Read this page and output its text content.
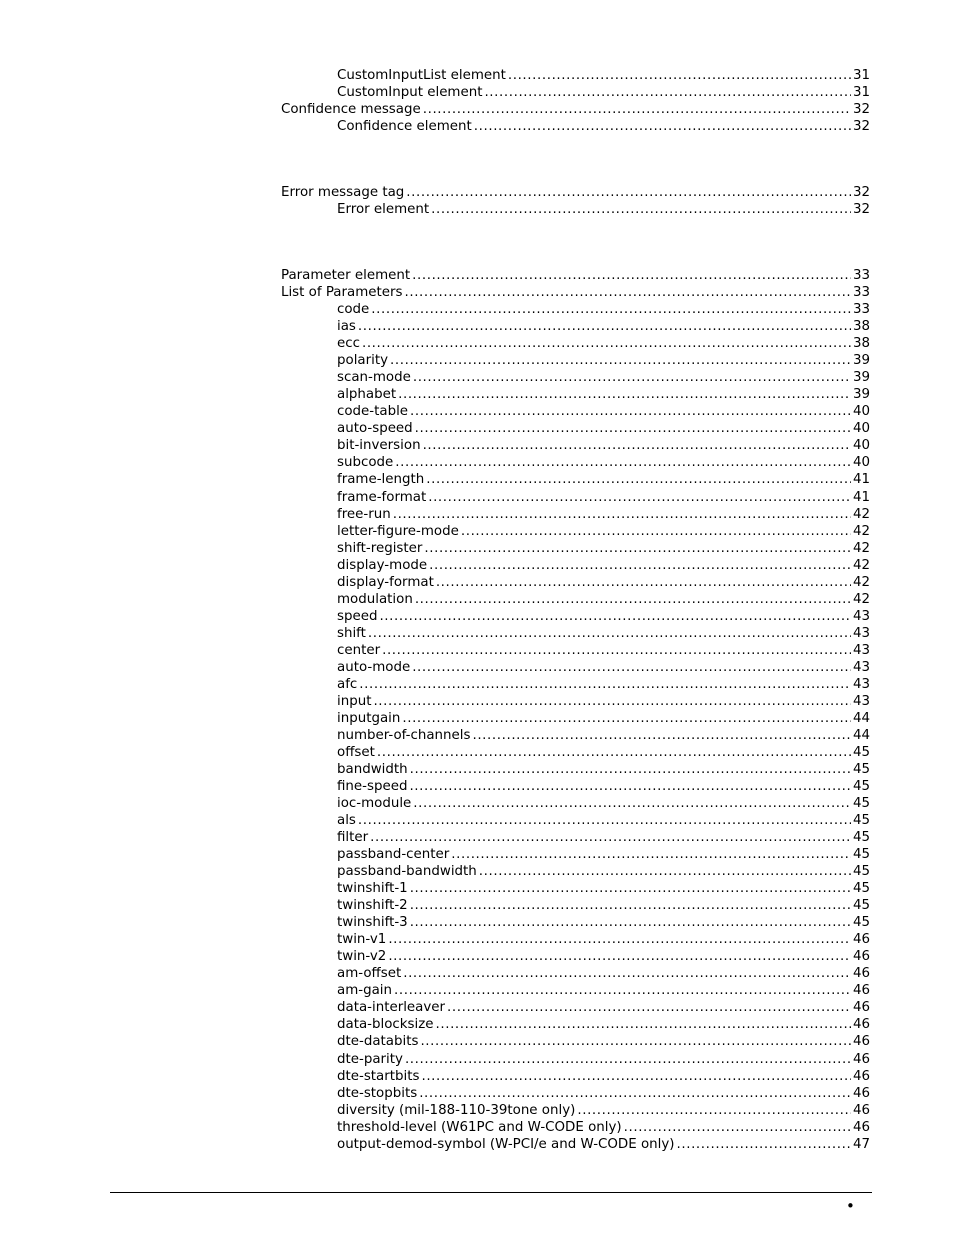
CustomInputList element .....	31
CustomInput element .....	31
Confidence message .....	32
Confidence element .....	32
Error message tag .....	32
Error element .....	32
Parameter element .....	33
List of Parameters .....	33
code .....	33
ias .....	38
ecc .....	38
polarity .....	39
scan-mode .....	39
alphabet .....	39
code-table .....	40
auto-speed .....	40
bit-inversion .....	40
subcode .....	40
frame-length .....	41
frame-format .....	41
free-run .....	42
letter-figure-mode .....	42
shift-register .....	42
display-mode .....	42
display-format .....	42
modulation .....	42
speed .....	43
shift .....	43
center .....	43
auto-mode .....	43
afc .....	43
input .....	43
inputgain .....	44
number-of-channels .....	44
offset .....	45
bandwidth .....	45
fine-speed .....	45
ioc-module .....	45
als .....	45
filter .....	45
passband-center .....	45
passband-bandwidth .....	45
twinshift-1 .....	45
twinshift-2 .....	45
twinshift-3 .....	45
twin-v1 .....	46
twin-v2 .....	46
am-offset .....	46
am-gain .....	46
data-interleaver .....	46
data-blocksize .....	46
dte-databits .....	46
dte-parity .....	46
dte-startbits .....	46
dte-stopbits .....	46
diversity (mil-188-110-39tone only) .....	46
threshold-level (W61PC and W-CODE only) .....	46
output-demod-symbol (W-PCI/e and W-CODE only) .....	47
•
